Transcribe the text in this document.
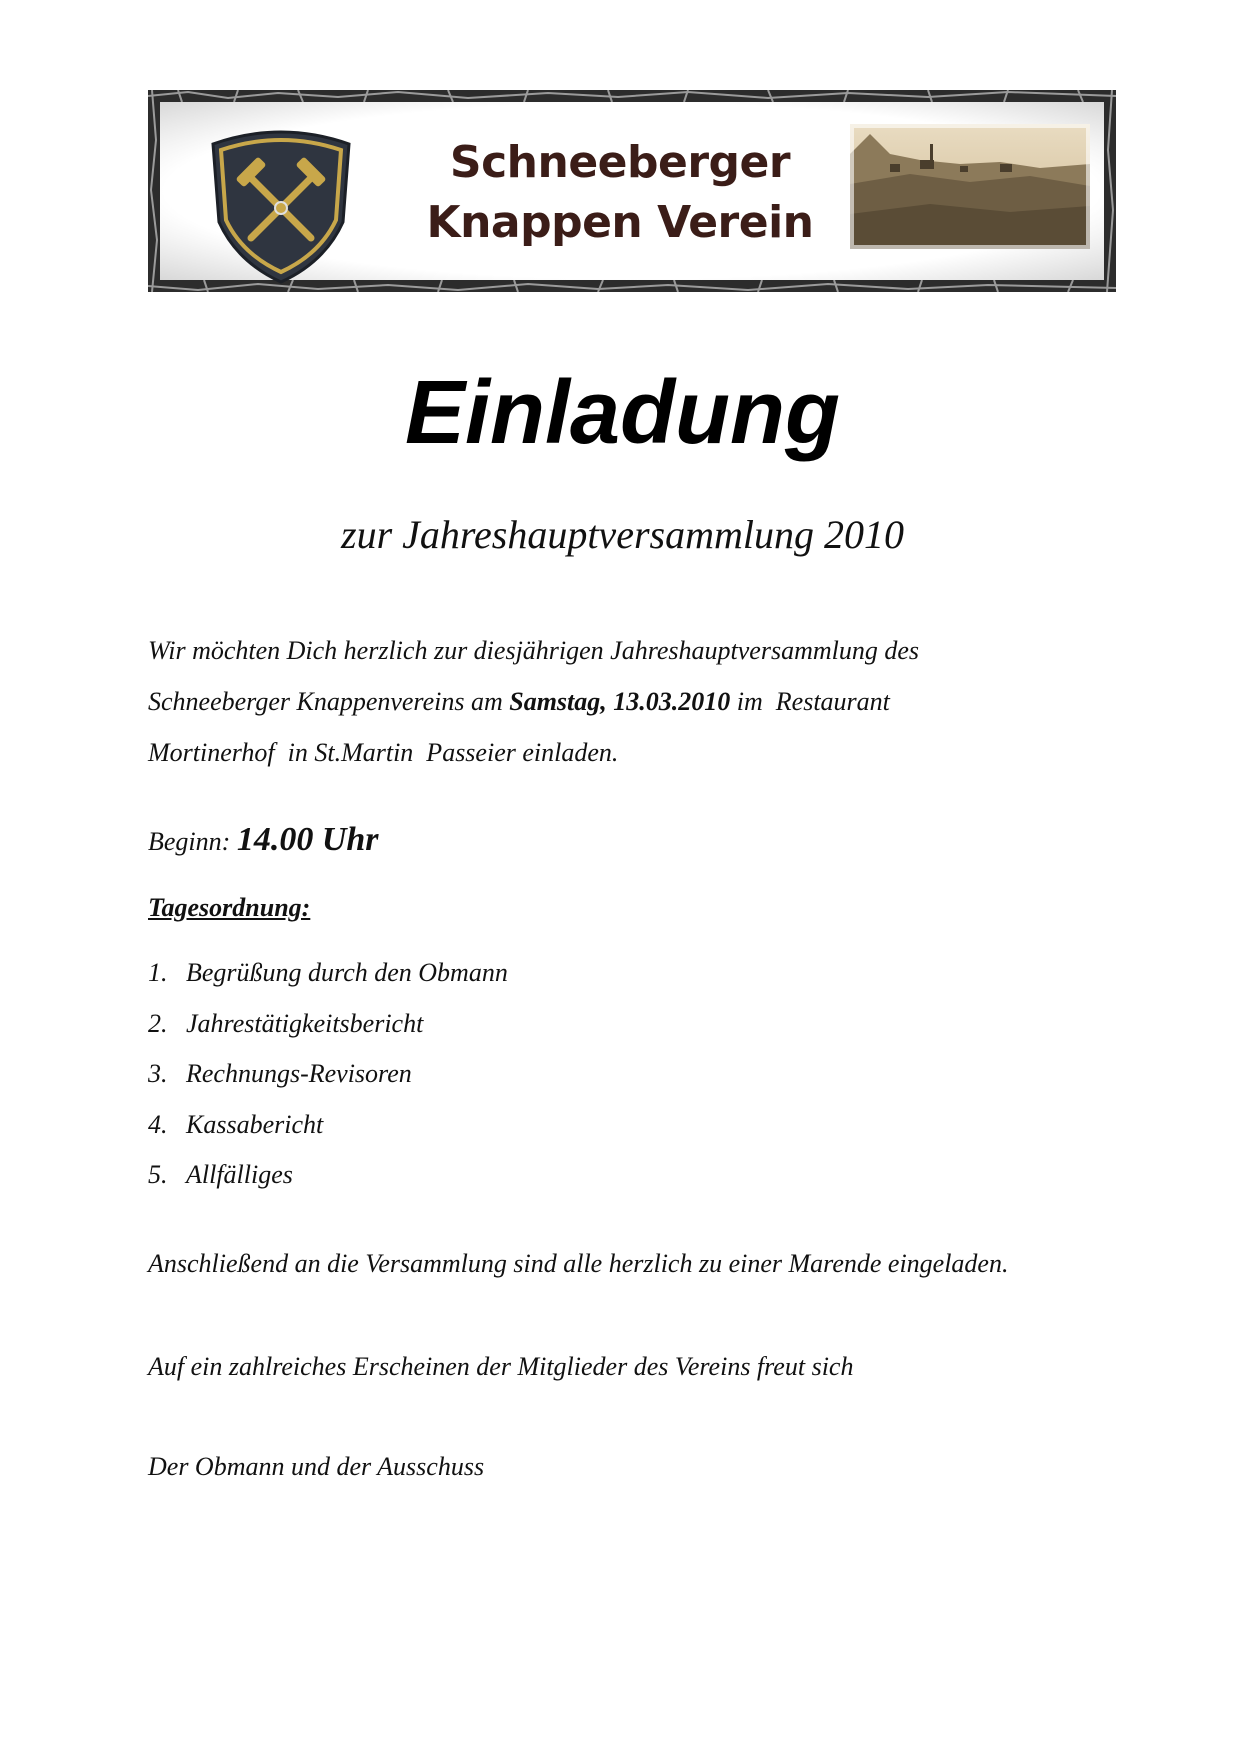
Schneeberger
Knappen Verein
Einladung
zur Jahreshauptversammlung 2010
Wir möchten Dich herzlich zur diesjährigen Jahreshauptversammlung des
Schneeberger Knappenvereins am Samstag, 13.03.2010 im  Restaurant
Mortinerhof  in St.Martin  Passeier einladen.
Beginn: 14.00 Uhr
Tagesordnung:
1. Begrüßung durch den Obmann
2. Jahrestätigkeitsbericht
3. Rechnungs-Revisoren
4. Kassabericht
5. Allfälliges
Anschließend an die Versammlung sind alle herzlich zu einer Marende eingeladen.
Auf ein zahlreiches Erscheinen der Mitglieder des Vereins freut sich
Der Obmann und der Ausschuss
